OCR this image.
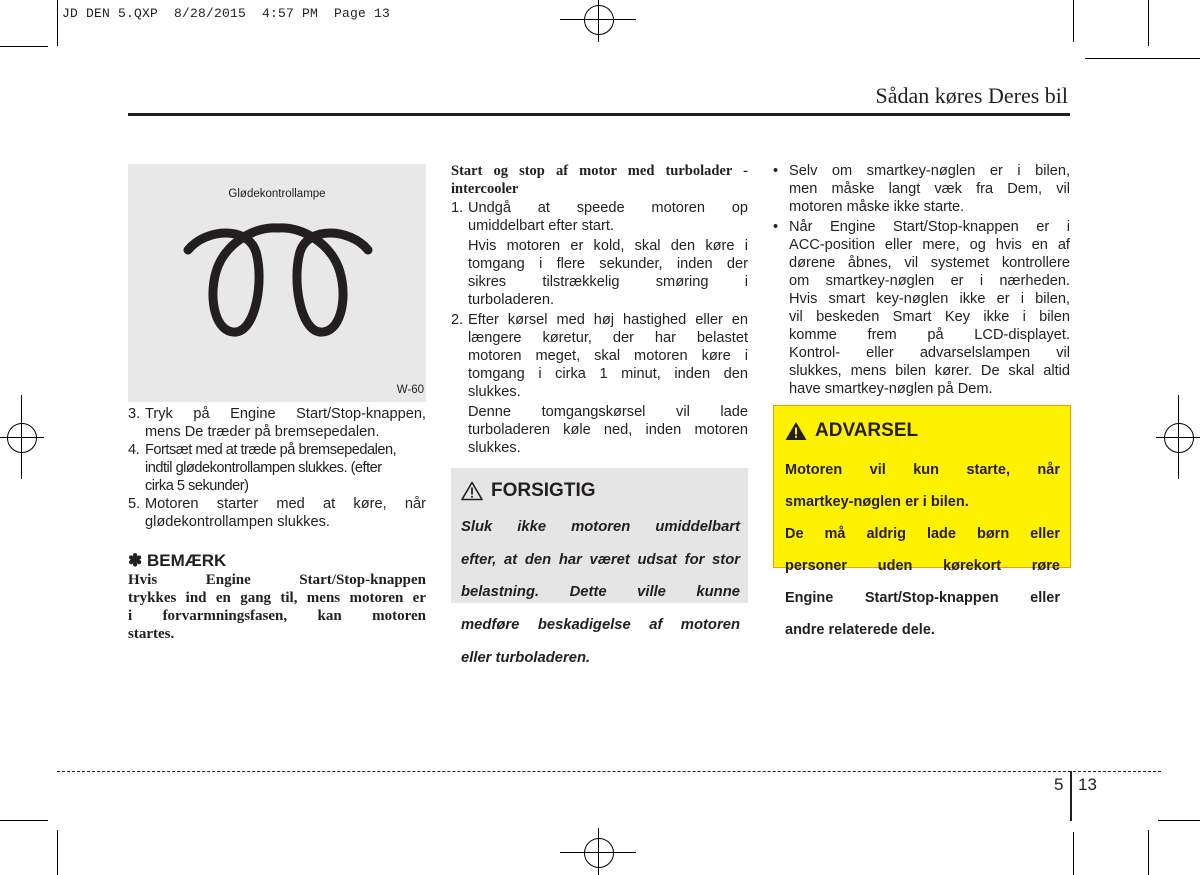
JD DEN 5.QXP  8/28/2015  4:57 PM  Page 13
Sådan køres Deres bil
Glødekontrollampe
W-60
3. Tryk på Engine Start/Stop-knappen,

mens De træder på bremsepedalen.

4. Fortsæt med at træde på bremsepedalen,

indtil glødekontrollampen slukkes. (efter

cirka 5 sekunder)

5. Motoren starter med at køre, når

glødekontrollampen slukkes.

✽ BEMÆRK

Hvis Engine Start/Stop-knappen

trykkes ind en gang til, mens motoren er

i forvarmningsfasen, kan motoren

startes.

Start og stop af motor med turbolader -

intercooler

1. Undgå at speede motoren op

umiddelbart efter start.

Hvis motoren er kold, skal den køre i

tomgang i flere sekunder, inden der

sikres tilstrækkelig smøring i

turboladeren.

2. Efter kørsel med høj hastighed eller en

længere køretur, der har belastet

motoren meget, skal motoren køre i

tomgang i cirka 1 minut, inden den

slukkes.

Denne tomgangskørsel vil lade

turboladeren køle ned, inden motoren

slukkes.

FORSIGTIG

Sluk ikke motoren umiddelbart

efter, at den har været udsat for stor

belastning. Dette ville kunne

medføre beskadigelse af motoren

eller turboladeren.

• Selv om smartkey-nøglen er i bilen,

men måske langt væk fra Dem, vil

motoren måske ikke starte.

• Når Engine Start/Stop-knappen er i

ACC-position eller mere, og hvis en af

dørene åbnes, vil systemet kontrollere

om smartkey-nøglen er i nærheden.

Hvis smart key-nøglen ikke er i bilen,

vil beskeden Smart Key ikke i bilen

komme frem på LCD-displayet.

Kontrol- eller advarselslampen vil

slukkes, mens bilen kører. De skal altid

have smartkey-nøglen på Dem.

ADVARSEL

Motoren vil kun starte, når

smartkey-nøglen er i bilen.

De må aldrig lade børn eller

personer uden kørekort røre

Engine Start/Stop-knappen eller

andre relaterede dele.

5 13
